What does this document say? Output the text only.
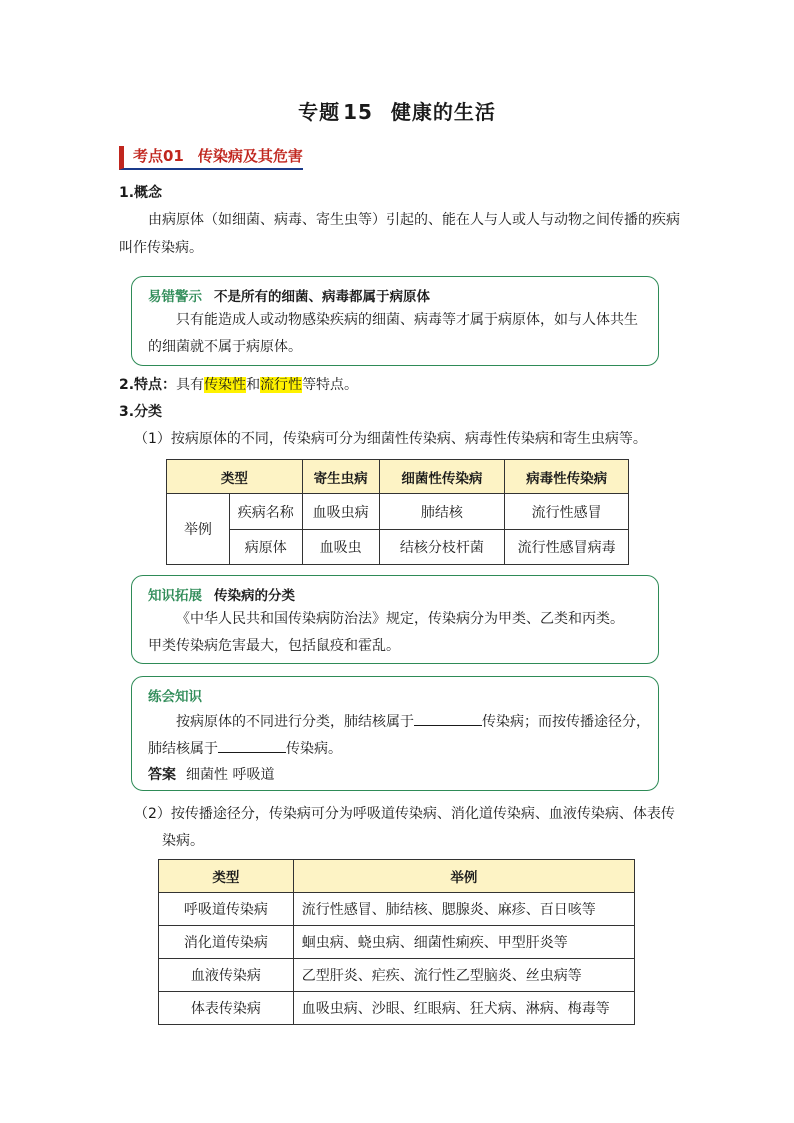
专题 15 健康的生活
考点01 传染病及其危害
1.概念
由病原体（如细菌、病毒、寄生虫等）引起的、能在人与人或人与动物之间传播的疾病
叫作传染病。
易错警示 不是所有的细菌、病毒都属于病原体
只有能造成人或动物感染疾病的细菌、病毒等才属于病原体，如与人体共生
的细菌就不属于病原体。
2.特点：具有传染性和流行性等特点。
3.分类
（1）按病原体的不同，传染病可分为细菌性传染病、病毒性传染病和寄生虫病等。
类型		寄生虫病	细菌性传染病	病毒性传染病
举例	疾病名称	血吸虫病	肺结核	流行性感冒
	病原体	血吸虫	结核分枝杆菌	流行性感冒病毒
知识拓展 传染病的分类
《中华人民共和国传染病防治法》规定，传染病分为甲类、乙类和丙类。
甲类传染病危害最大，包括鼠疫和霍乱。
练会知识
按病原体的不同进行分类，肺结核属于	传染病；而按传播途径分，
肺结核属于	传染病。
答案 细菌性 呼吸道
（2）按传播途径分，传染病可分为呼吸道传染病、消化道传染病、血液传染病、体表传
染病。
类型	举例
呼吸道传染病	流行性感冒、肺结核、腮腺炎、麻疹、百日咳等
消化道传染病	蛔虫病、蛲虫病、细菌性痢疾、甲型肝炎等
血液传染病	乙型肝炎、疟疾、流行性乙型脑炎、丝虫病等
体表传染病	血吸虫病、沙眼、红眼病、狂犬病、淋病、梅毒等
